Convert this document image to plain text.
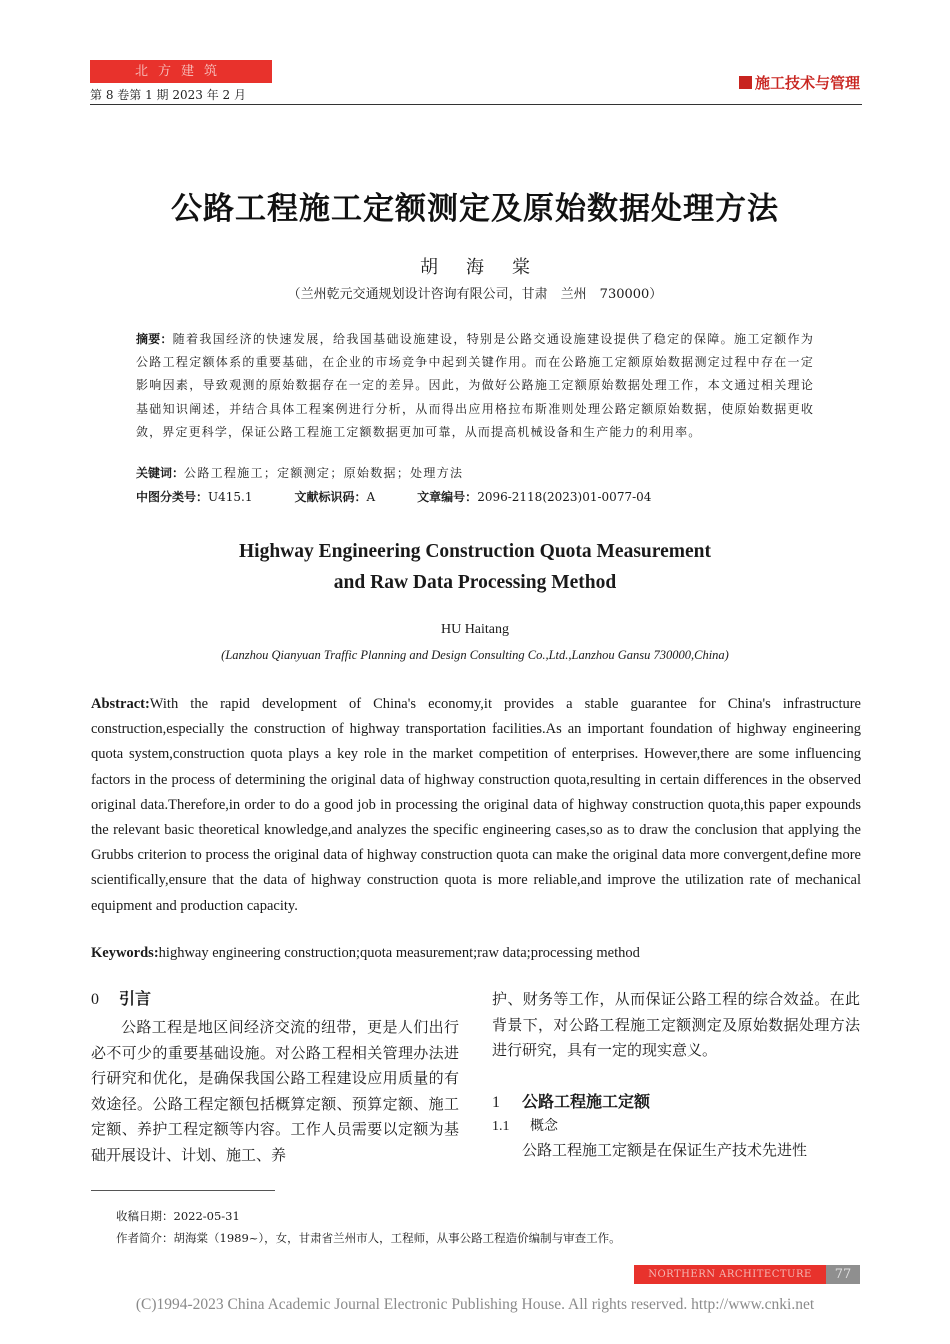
北方建筑
第 8 卷第 1 期 2023 年 2 月
施工技术与管理
公路工程施工定额测定及原始数据处理方法
胡海棠
（兰州乾元交通规划设计咨询有限公司，甘肃　兰州　730000）

摘要：随着我国经济的快速发展，给我国基础设施建设，特别是公路交通设施建设提供了稳定的保障。施工定额作为公路工程定额体系的重要基础，在企业的市场竞争中起到关键作用。而在公路施工定额原始数据测定过程中存在一定影响因素，导致观测的原始数据存在一定的差异。因此，为做好公路施工定额原始数据处理工作，本文通过相关理论基础知识阐述，并结合具体工程案例进行分析，从而得出应用格拉布斯准则处理公路定额原始数据，使原始数据更收敛，界定更科学，保证公路工程施工定额数据更加可靠，从而提高机械设备和生产能力的利用率。

关键词：公路工程施工；定额测定；原始数据；处理方法

中图分类号：U415.1	文献标识码：A	文章编号：2096-2118(2023)01-0077-04
Highway Engineering Construction Quota Measurement
and Raw Data Processing Method
HU Haitang
(Lanzhou Qianyuan Traffic Planning and Design Consulting Co.,Ltd.,Lanzhou Gansu 730000,China)

Abstract:With the rapid development of China's economy,it provides a stable guarantee for China's infrastructure construction,especially the construction of highway transportation facilities.As an important foundation of highway engineering quota system,construction quota plays a key role in the market competition of enterprises. However,there are some influencing factors in the process of determining the original data of highway construction quota,resulting in certain differences in the observed original data.Therefore,in order to do a good job in processing the original data of highway construction quota,this paper expounds the relevant basic theoretical knowledge,and analyzes the specific engineering cases,so as to draw the conclusion that applying the Grubbs criterion to process the original data of highway construction quota can make the original data more convergent,define more scientifically,ensure that the data of highway construction quota is more reliable,and improve the utilization rate of mechanical equipment and production capacity.

Keywords:highway engineering construction;quota measurement;raw data;processing method

0 引言

公路工程是地区间经济交流的纽带，更是人们出行必不可少的重要基础设施。对公路工程相关管理办法进行研究和优化，是确保我国公路工程建设应用质量的有效途径。公路工程定额包括概算定额、预算定额、施工定额、养护工程定额等内容。工作人员需要以定额为基础开展设计、计划、施工、养

护、财务等工作，从而保证公路工程的综合效益。在此背景下，对公路工程施工定额测定及原始数据处理方法进行研究，具有一定的现实意义。

1 公路工程施工定额
1.1 概念

公路工程施工定额是在保证生产技术先进性

收稿日期：2022-05-31
作者简介：胡海棠（1989~），女，甘肃省兰州市人，工程师，从事公路工程造价编制与审查工作。
NORTHERN ARCHITECTURE	77
(C)1994-2023 China Academic Journal Electronic Publishing House. All rights reserved. http://www.cnki.net
